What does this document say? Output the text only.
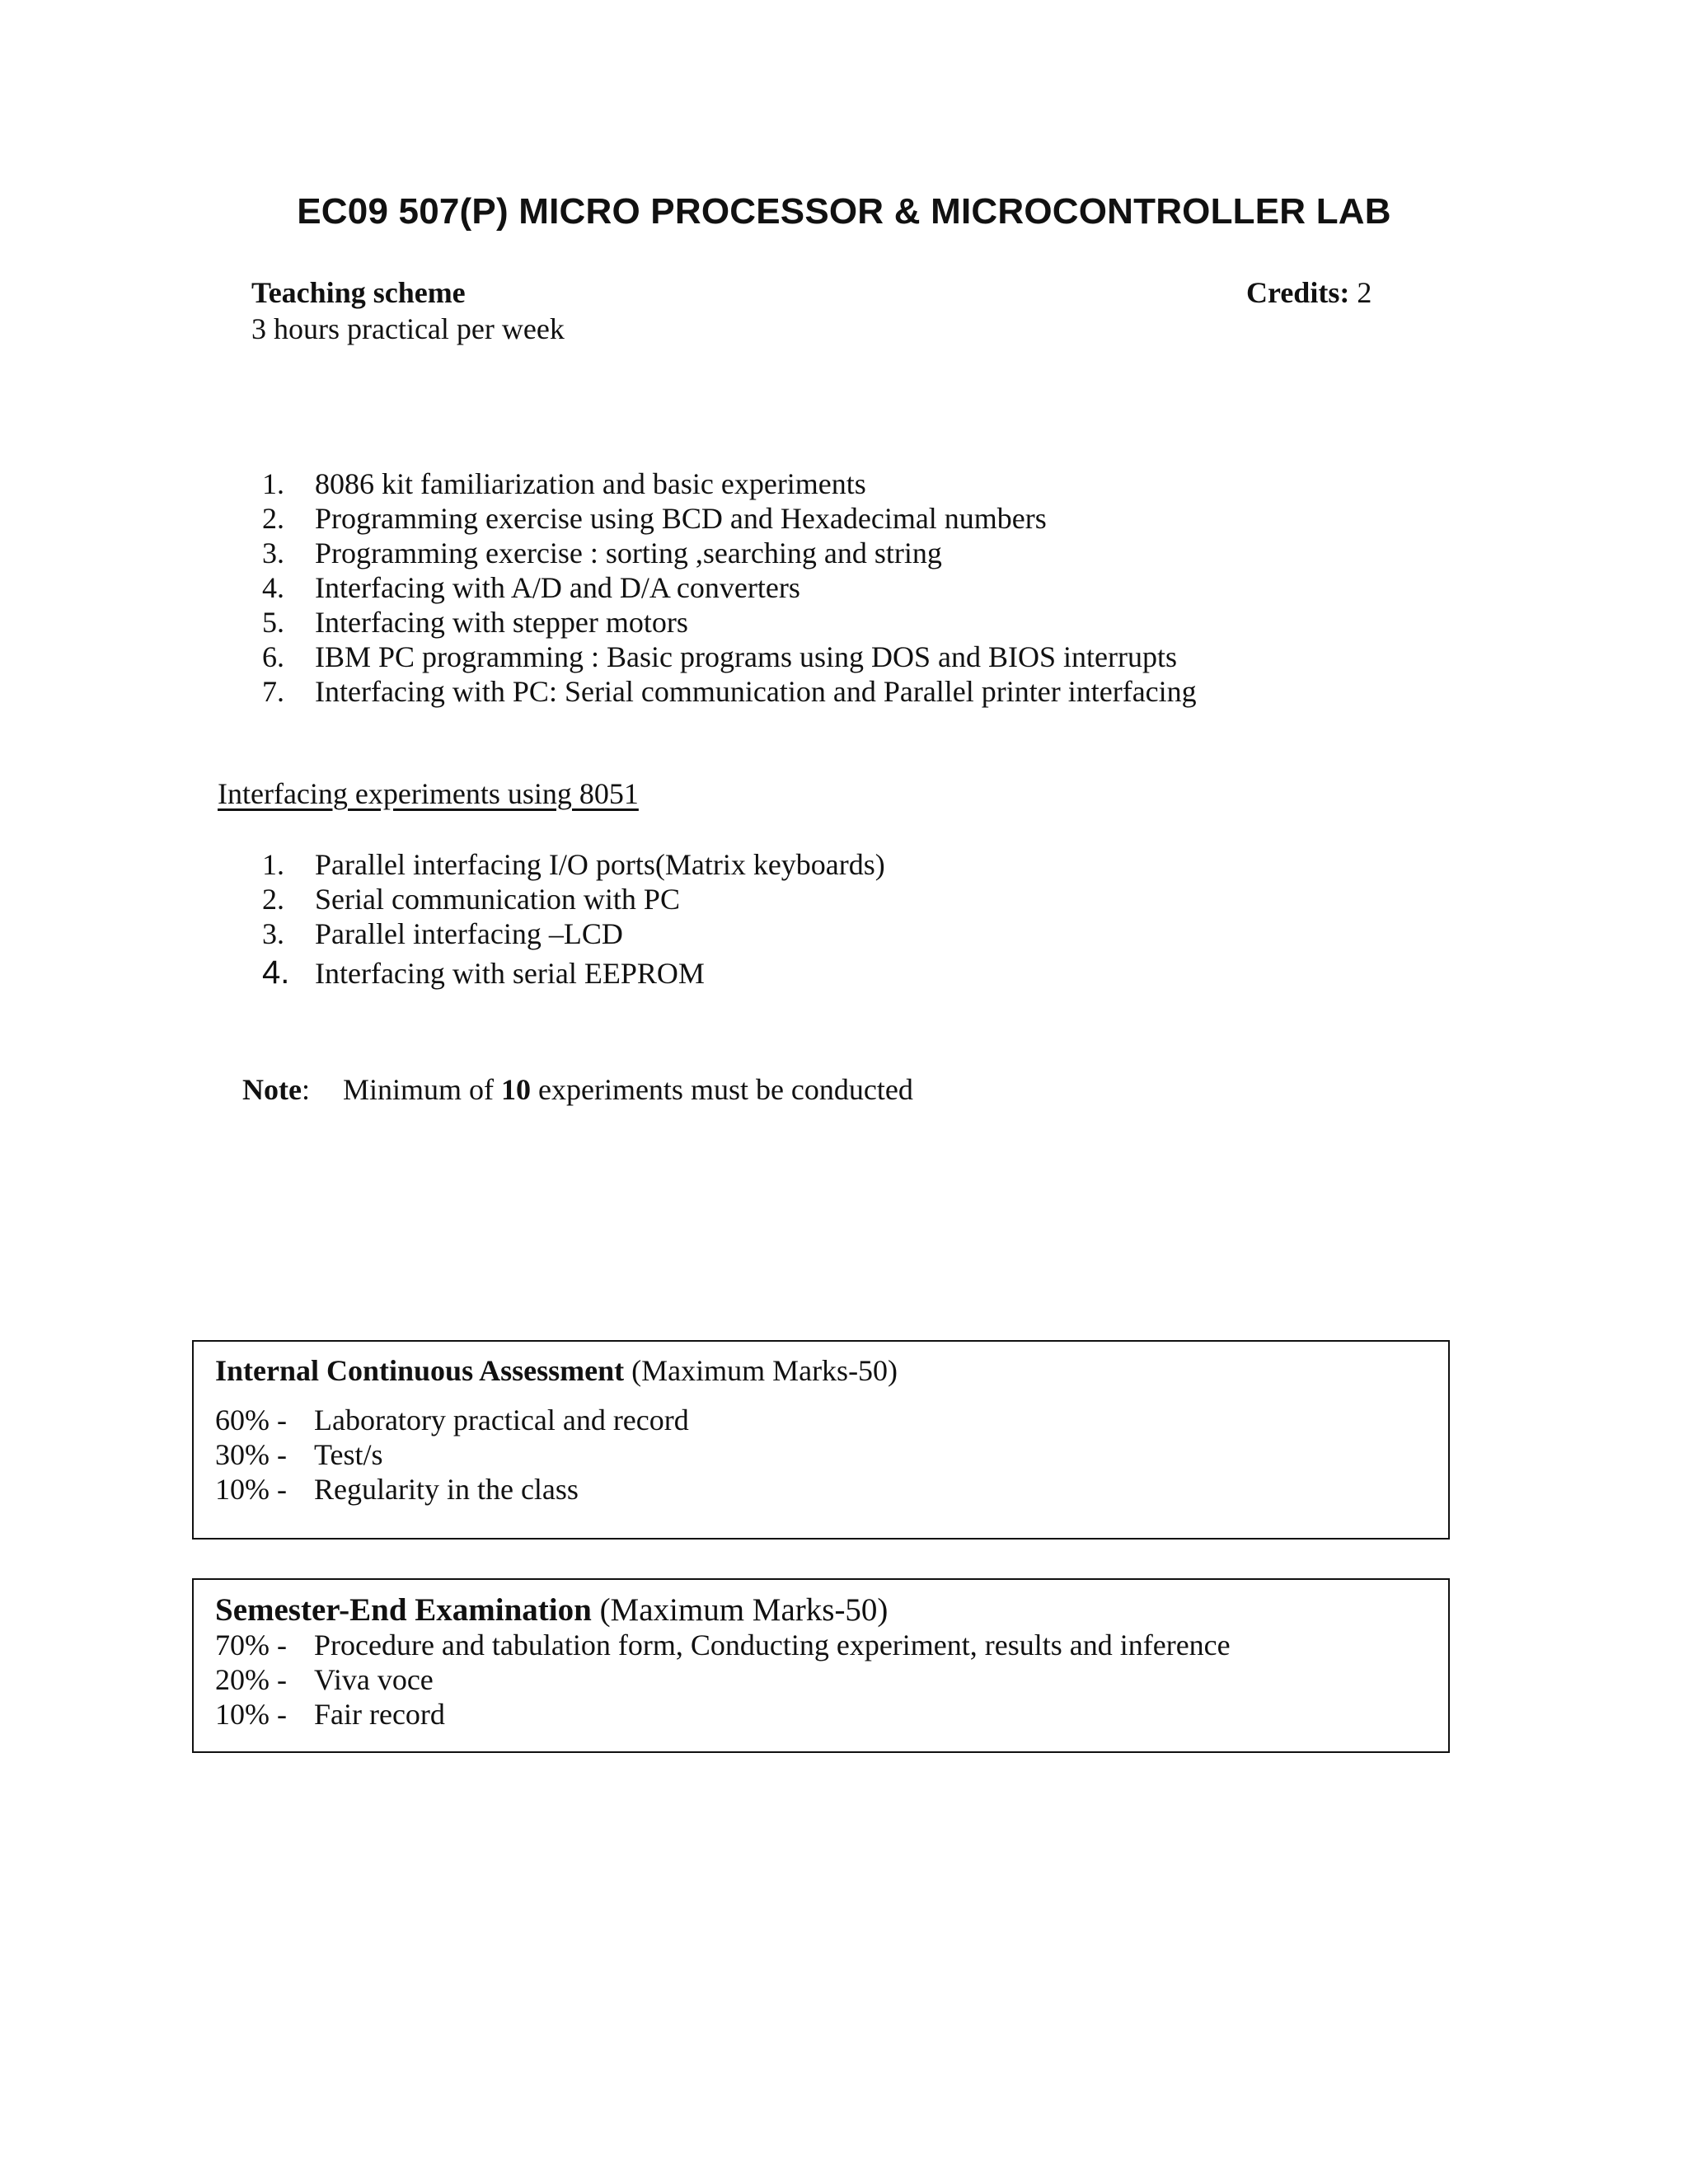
EC09 507(P) MICRO PROCESSOR & MICROCONTROLLER LAB
Teaching scheme
3 hours practical per week
Credits: 2
1. 8086 kit familiarization and basic experiments
2. Programming exercise using BCD and Hexadecimal numbers
3. Programming exercise : sorting ,searching and string
4. Interfacing with A/D and D/A converters
5. Interfacing with stepper motors
6. IBM PC programming : Basic programs using DOS and BIOS interrupts
7. Interfacing with PC: Serial communication and Parallel printer interfacing
Interfacing experiments using 8051
1. Parallel interfacing I/O ports(Matrix keyboards)
2. Serial communication with PC
3. Parallel interfacing –LCD
4. Interfacing with serial EEPROM
Note: Minimum of 10 experiments must be conducted
Internal Continuous Assessment (Maximum Marks-50)
60% - Laboratory practical and record
30% - Test/s
10% - Regularity in the class
Semester-End Examination (Maximum Marks-50)
70% - Procedure and tabulation form, Conducting experiment, results and inference
20% - Viva voce
10% - Fair record
